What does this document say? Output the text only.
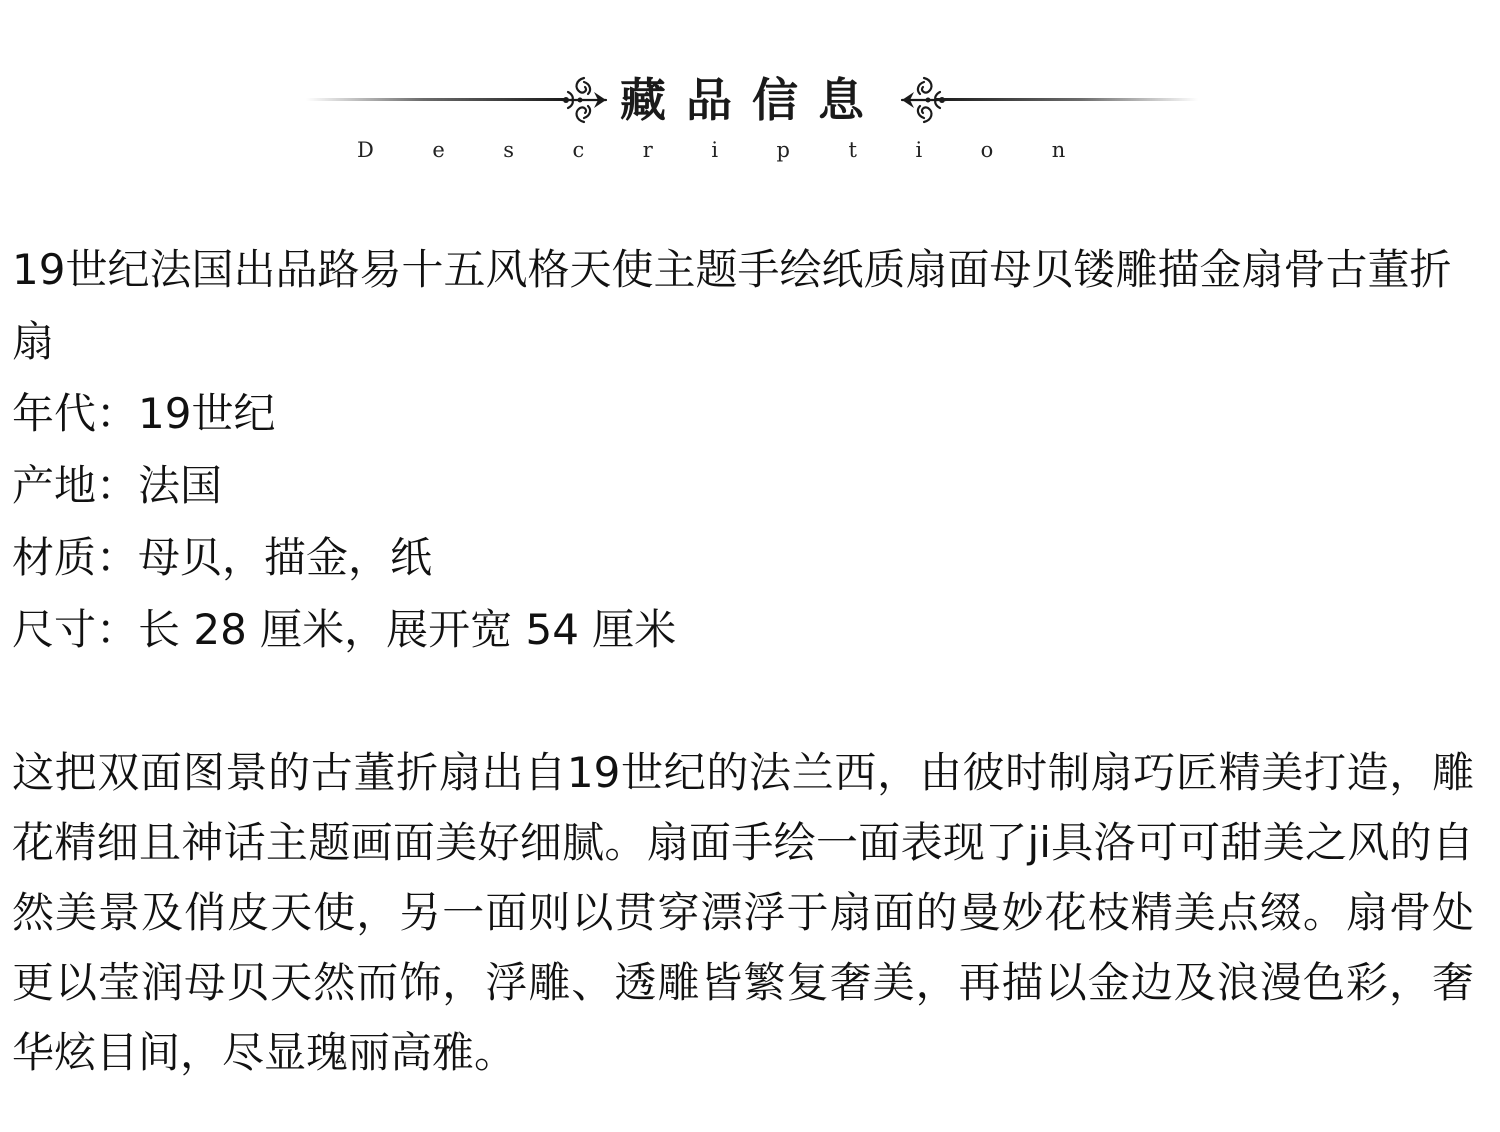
藏品信息
Description

19世纪法国出品路易十五风格天使主题手绘纸质扇面母贝镂雕描金扇骨古董折扇

年代：19世纪

产地：法国

材质：母贝，描金，纸

尺寸：长 28 厘米，展开宽 54 厘米

这把双面图景的古董折扇出自19世纪的法兰西，由彼时制扇巧匠精美打造，雕花精细且神话主题画面美好细腻。扇面手绘一面表现了ji具洛可可甜美之风的自然美景及俏皮天使，另一面则以贯穿漂浮于扇面的曼妙花枝精美点缀。扇骨处更以莹润母贝天然而饰，浮雕、透雕皆繁复奢美，再描以金边及浪漫色彩，奢华炫目间，尽显瑰丽高雅。
